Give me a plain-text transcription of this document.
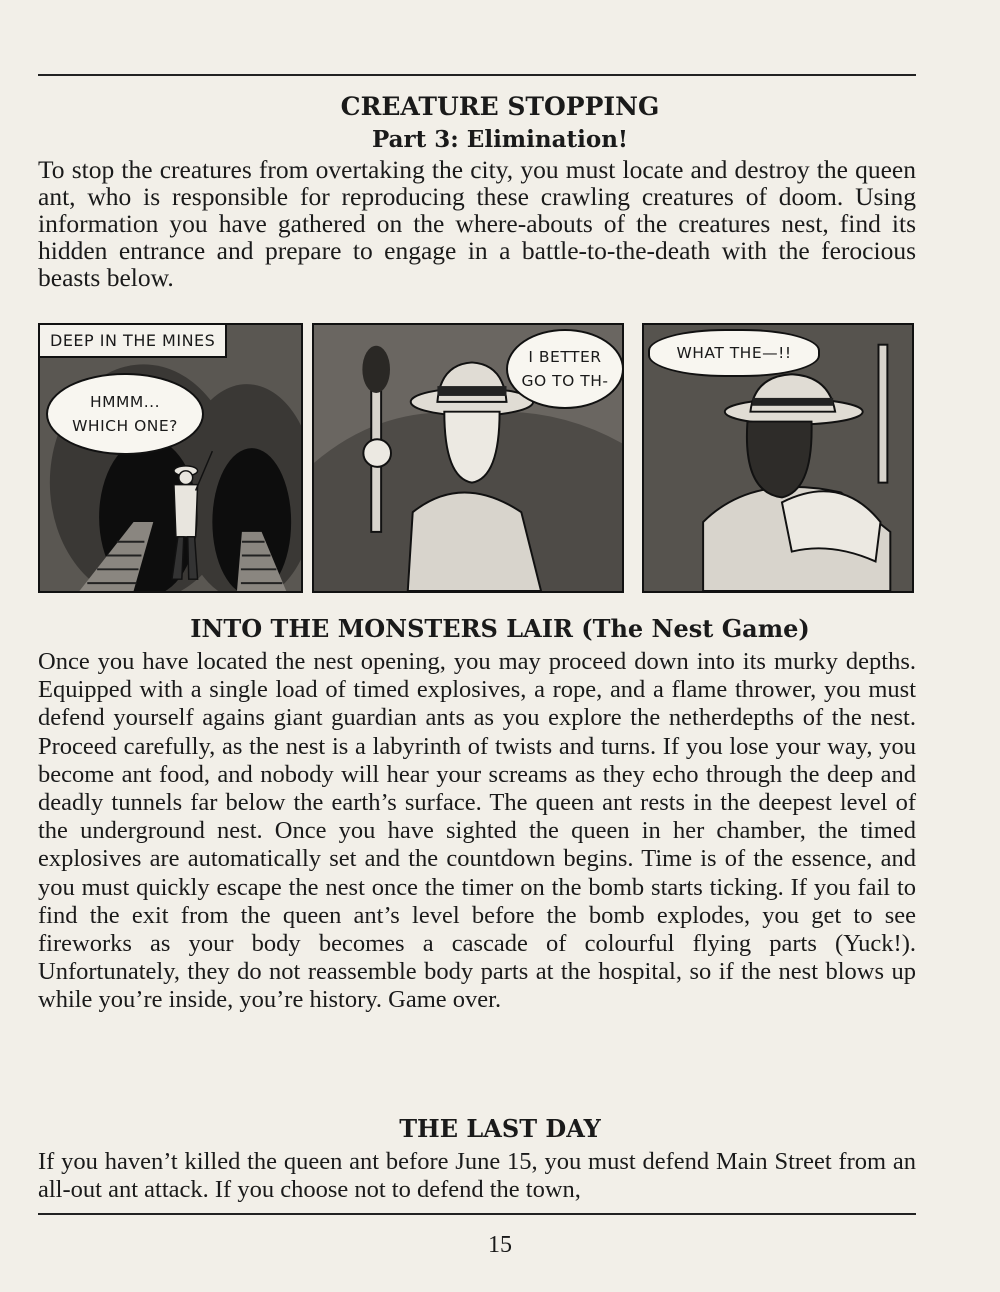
CREATURE STOPPING
Part 3: Elimination!

To stop the creatures from overtaking the city, you must locate and destroy the queen ant, who is responsible for reproducing these crawling creatures of doom. Using information you have gathered on the where-abouts of the creatures nest, find its hidden entrance and prepare to engage in a battle-to-the-death with the ferocious beasts below.

DEEP IN THE MINES
HMMM...
WHICH ONE?
I BETTER
GO TO TH-
WHAT THE—!!
INTO THE MONSTERS LAIR (The Nest Game)

Once you have located the nest opening, you may proceed down into its murky depths. Equipped with a single load of timed explosives, a rope, and a flame thrower, you must defend yourself agains giant guardian ants as you explore the netherdepths of the nest. Proceed carefully, as the nest is a labyrinth of twists and turns. If you lose your way, you become ant food, and nobody will hear your screams as they echo through the deep and deadly tunnels far below the earth’s surface. The queen ant rests in the deepest level of the underground nest. Once you have sighted the queen in her chamber, the timed explosives are automatically set and the countdown begins. Time is of the essence, and you must quickly escape the nest once the timer on the bomb starts ticking. If you fail to find the exit from the queen ant’s level before the bomb explodes, you get to see fireworks as your body becomes a cascade of colourful flying parts (Yuck!). Unfortunately, they do not reassemble body parts at the hospital, so if the nest blows up while you’re inside, you’re history. Game over.

THE LAST DAY

If you haven’t killed the queen ant before June 15, you must defend Main Street from an all-out ant attack. If you choose not to defend the town,

15
